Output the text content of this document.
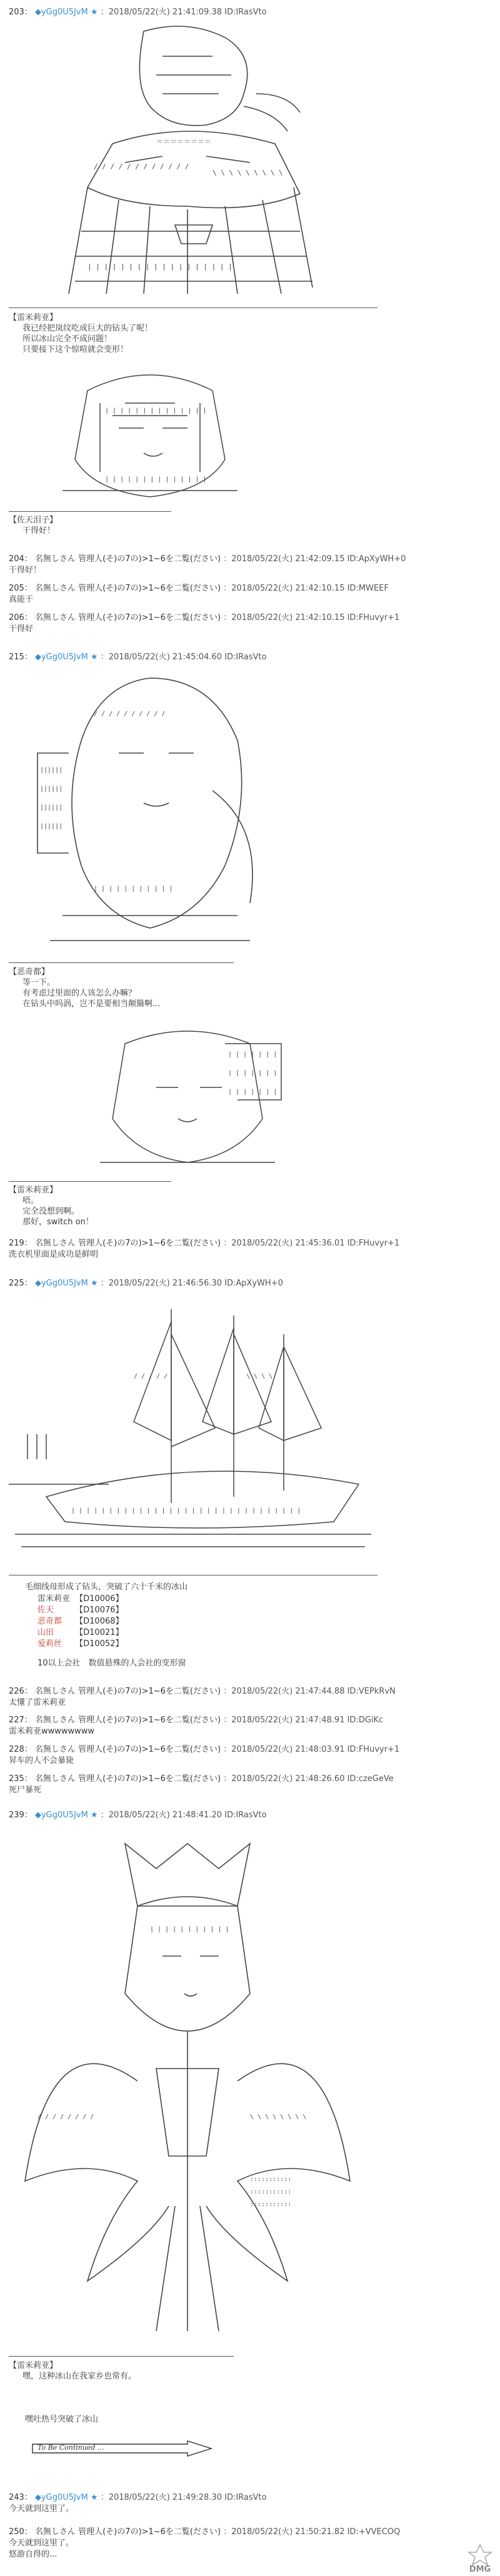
203： ◆yGg0U5JvM ★ ：2018/05/22(火) 21:41:09.38 ID:IRasVto
/ / / / / / / / / / / /
\ \ \ \ \ \ \ \ \
| | | | | | | | | | | | | | | | | |
＝＝＝＝＝＝＝＝
【雷米莉亚】
我已经把岚纹吃成巨大的钻头了呢！
所以冰山完全不成问题！
只要接下这个惊喧就会变形！
| | | | | | | | | | | | | |
| | | | | | | | | | | | | |
【佐天泪子】
干得好！
204： 名無しさん 管理人(そ)の7の)>1~6を二覧(ださい) ：2018/05/22(火) 21:42:09.15 ID:ApXyWH+0
干得好！
205： 名無しさん 管理人(そ)の7の)>1~6を二覧(ださい) ：2018/05/22(火) 21:42:10.15 ID:MWEEF
真能干
206： 名無しさん 管理人(そ)の7の)>1~6を二覧(ださい) ：2018/05/22(火) 21:42:10.15 ID:FHuvyr+1
干得好
215： ◆yGg0U5JvM ★ ：2018/05/22(火) 21:45:04.60 ID:IRasVto
||||||
||||||
||||||
||||||
/ / / / / / / / / /
| | | | | | | | | | |
【恶奇都】
等一下。
有考虑过里面的人该怎么办嘛？
在钻头中吗涡，岂不是要相当颠簸啊...
| | | | | | |
| | | | | | |
| | | | | | |
【雷米莉亚】
唔。
完全没想到啊。
那好，switch on！
219： 名無しさん 管理人(そ)の7の)>1~6を二覧(ださい) ：2018/05/22(火) 21:45:36.01 ID:FHuvyr+1
洗衣机里面是成功是鲜明
225： ◆yGg0U5JvM ★ ：2018/05/22(火) 21:46:56.30 ID:ApXyWH+0
| | | | | | | | | | | | | | | | | | | | | | | | | | | | | | |
/ / / / /	\ \ \ \
毛细线母形成了钻头，突破了六十千米的冰山
雷米莉亚 【D10006】
佐天	【D10076】
恶奇都 【D10068】
山田	【D10021】
爱莉丝 【D10052】
10以上会社　数值悬殊的人会社的变形窗
226： 名無しさん 管理人(そ)の7の)>1~6を二覧(ださい) ：2018/05/22(火) 21:47:44.88 ID:VEPkRvN
太懂了雷米莉亚
227： 名無しさん 管理人(そ)の7の)>1~6を二覧(ださい) ：2018/05/22(火) 21:47:48.91 ID:DGiKc
雷米莉亚wwwwwwww
228： 名無しさん 管理人(そ)の7の)>1~6を二覧(ださい) ：2018/05/22(火) 21:48:03.91 ID:FHuvyr+1
昇车的人不会暴毙
235： 名無しさん 管理人(そ)の7の)>1~6を二覧(ださい) ：2018/05/22(火) 21:48:26.60 ID:czeGeVe
死尸暴死
239： ◆yGg0U5JvM ★ ：2018/05/22(火) 21:48:41.20 ID:IRasVto
/ / / / / / / /	\ \ \ \ \ \ \ \
:::::::::::
:::::::::::
:::::::::::
| | | | | | | | | | |
【雷米莉亚】
嘿，这种冰山在我家乡也常有。
嘿吐热号突破了冰山
To Be Continued ...
243： ◆yGg0U5JvM ★ ：2018/05/22(火) 21:49:28.30 ID:IRasVto
今天就到这里了。
250： 名無しさん 管理人(そ)の7の)>1~6を二覧(ださい) ：2018/05/22(火) 21:50:21.82 ID:+VVECOQ
今天就到这里了。
悠游自得的...
DMG
